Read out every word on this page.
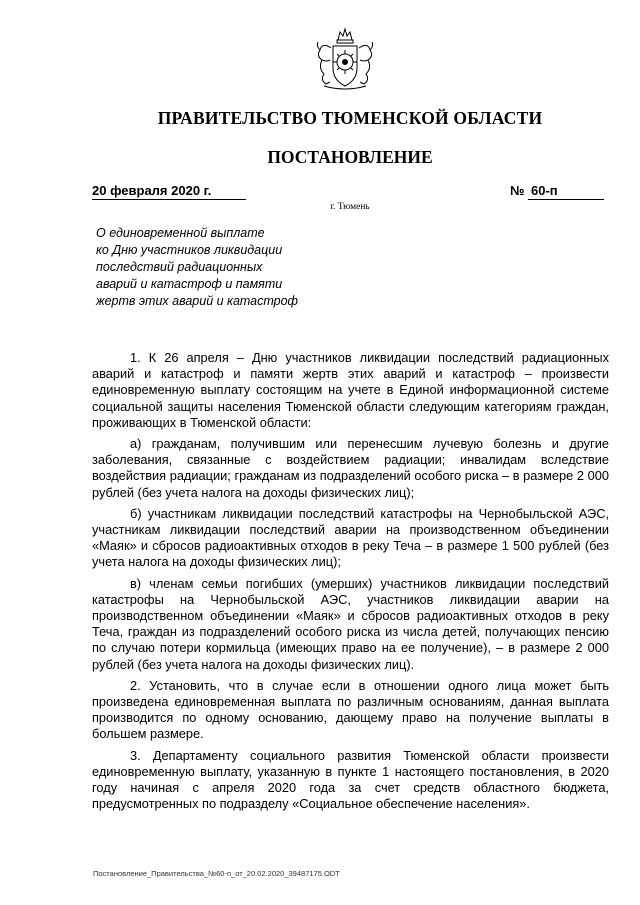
ПРАВИТЕЛЬСТВО ТЮМЕНСКОЙ ОБЛАСТИ
ПОСТАНОВЛЕНИЕ
20 февраля 2020 г.	№ 60-п
г. Тюмень
О единовременной выплате
ко Дню участников ликвидации
последствий радиационных
аварий и катастроф и памяти
жертв этих аварий и катастроф

1. К 26 апреля – Дню участников ликвидации последствий радиационных аварий и катастроф и памяти жертв этих аварий и катастроф – произвести единовременную выплату состоящим на учете в Единой информационной системе социальной защиты населения Тюменской области следующим категориям граждан, проживающих в Тюменской области:

а) гражданам, получившим или перенесшим лучевую болезнь и другие заболевания, связанные с воздействием радиации; инвалидам вследствие воздействия радиации; гражданам из подразделений особого риска – в размере 2 000 рублей (без учета налога на доходы физических лиц);

б) участникам ликвидации последствий катастрофы на Чернобыльской АЭС, участникам ликвидации последствий аварии на производственном объединении «Маяк» и сбросов радиоактивных отходов в реку Теча – в размере 1 500 рублей (без учета налога на доходы физических лиц);

в) членам семьи погибших (умерших) участников ликвидации последствий катастрофы на Чернобыльской АЭС, участников ликвидации аварии на производственном объединении «Маяк» и сбросов радиоактивных отходов в реку Теча, граждан из подразделений особого риска из числа детей, получающих пенсию по случаю потери кормильца (имеющих право на ее получение), – в размере 2 000 рублей (без учета налога на доходы физических лиц).

2. Установить, что в случае если в отношении одного лица может быть произведена единовременная выплата по различным основаниям, данная выплата производится по одному основанию, дающему право на получение выплаты в большем размере.

3. Департаменту социального развития Тюменской области произвести единовременную выплату, указанную в пункте 1 настоящего постановления, в 2020 году начиная с апреля 2020 года за счет средств областного бюджета, предусмотренных по подразделу «Социальное обеспечение населения».

Постановление_Правительства_№60-п_от_20.02.2020_39487175.ODT
